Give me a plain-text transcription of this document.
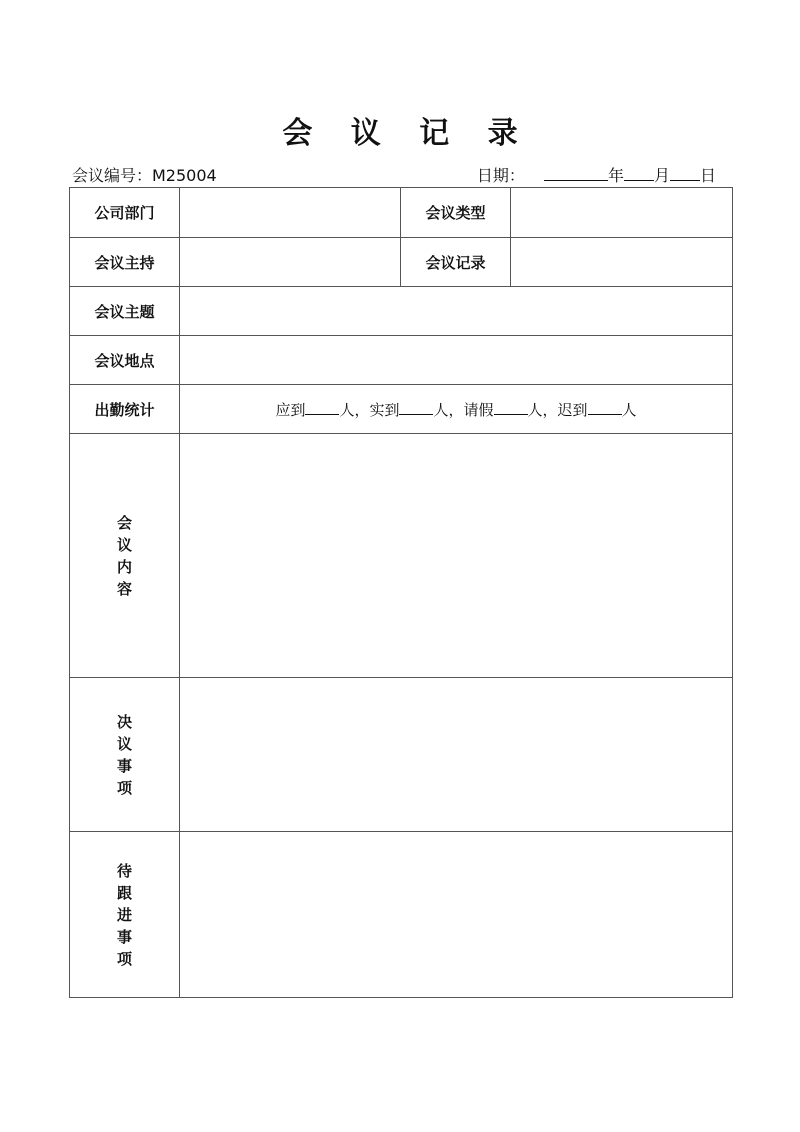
会 议 记 录
会议编号：M25004	日期：	年 月 日
公司部门		会议类型	
会议主持		会议记录	
会议主题			
会议地点			
出勤统计	应到 人，实到 人，请假 人，迟到 人		

会
议
内
容			

决
议
事
项			

待
跟
进
事
项			
